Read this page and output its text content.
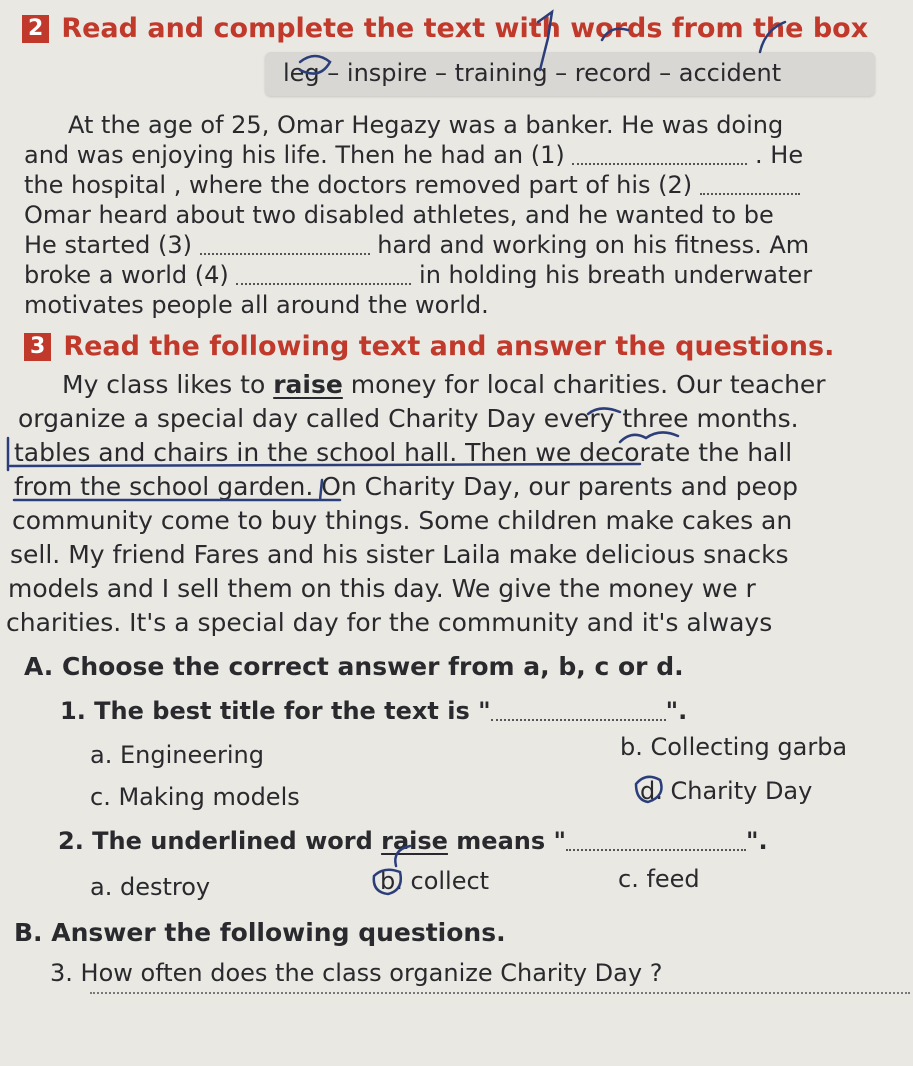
2 Read and complete the text with words from the box
leg – inspire – training – record – accident
At the age of 25, Omar Hegazy was a banker. He was doing
and was enjoying his life. Then he had an (1)	. He
the hospital , where the doctors removed part of his (2)
Omar heard about two disabled athletes, and he wanted to be
He started (3)	hard and working on his fitness. Am
broke a world (4)	in holding his breath underwater
motivates people all around the world.
3 Read the following text and answer the questions.
My class likes to raise money for local charities. Our teacher
organize a special day called Charity Day every three months.
tables and chairs in the school hall. Then we decorate the hall
from the school garden. On Charity Day, our parents and peop
community come to buy things. Some children make cakes an
sell. My friend Fares and his sister Laila make delicious snacks
models and I sell them on this day. We give the money we r
charities. It's a special day for the community and it's always
A. Choose the correct answer from a, b, c or d.
1. The best title for the text is "	".
a. Engineering	b. Collecting garba
c. Making models	d. Charity Day
2. The underlined word raise means "	".
a. destroy	b. collect	c. feed
B. Answer the following questions.
3. How often does the class organize Charity Day ?
